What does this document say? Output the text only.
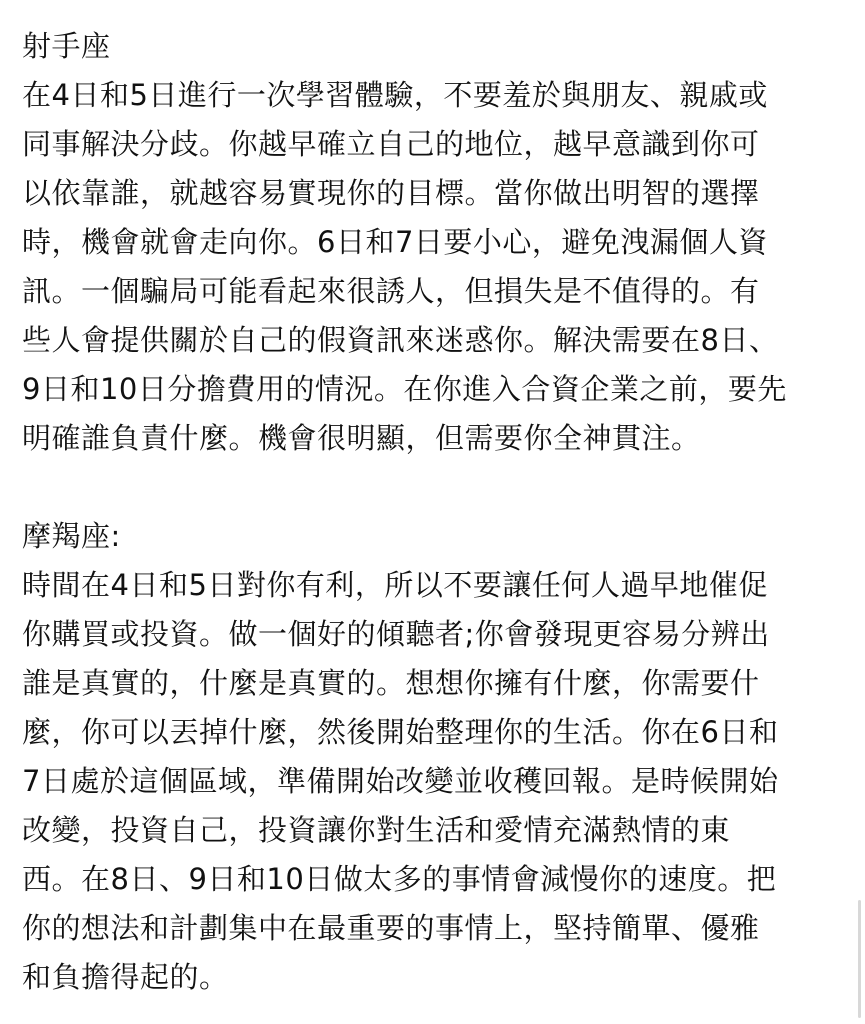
射手座
在4日和5日進行一次學習體驗，不要羞於與朋友、親戚或
同事解決分歧。你越早確立自己的地位，越早意識到你可
以依靠誰，就越容易實現你的目標。當你做出明智的選擇
時，機會就會走向你。6日和7日要小心，避免洩漏個人資
訊。一個騙局可能看起來很誘人，但損失是不值得的。有
些人會提供關於自己的假資訊來迷惑你。解決需要在8日、
9日和10日分擔費用的情況。在你進入合資企業之前，要先
明確誰負責什麼。機會很明顯，但需要你全神貫注。
摩羯座:
時間在4日和5日對你有利，所以不要讓任何人過早地催促
你購買或投資。做一個好的傾聽者;你會發現更容易分辨出
誰是真實的，什麼是真實的。想想你擁有什麼，你需要什
麼，你可以丟掉什麼，然後開始整理你的生活。你在6日和
7日處於這個區域，準備開始改變並收穫回報。是時候開始
改變，投資自己，投資讓你對生活和愛情充滿熱情的東
西。在8日、9日和10日做太多的事情會減慢你的速度。把
你的想法和計劃集中在最重要的事情上，堅持簡單、優雅
和負擔得起的。
